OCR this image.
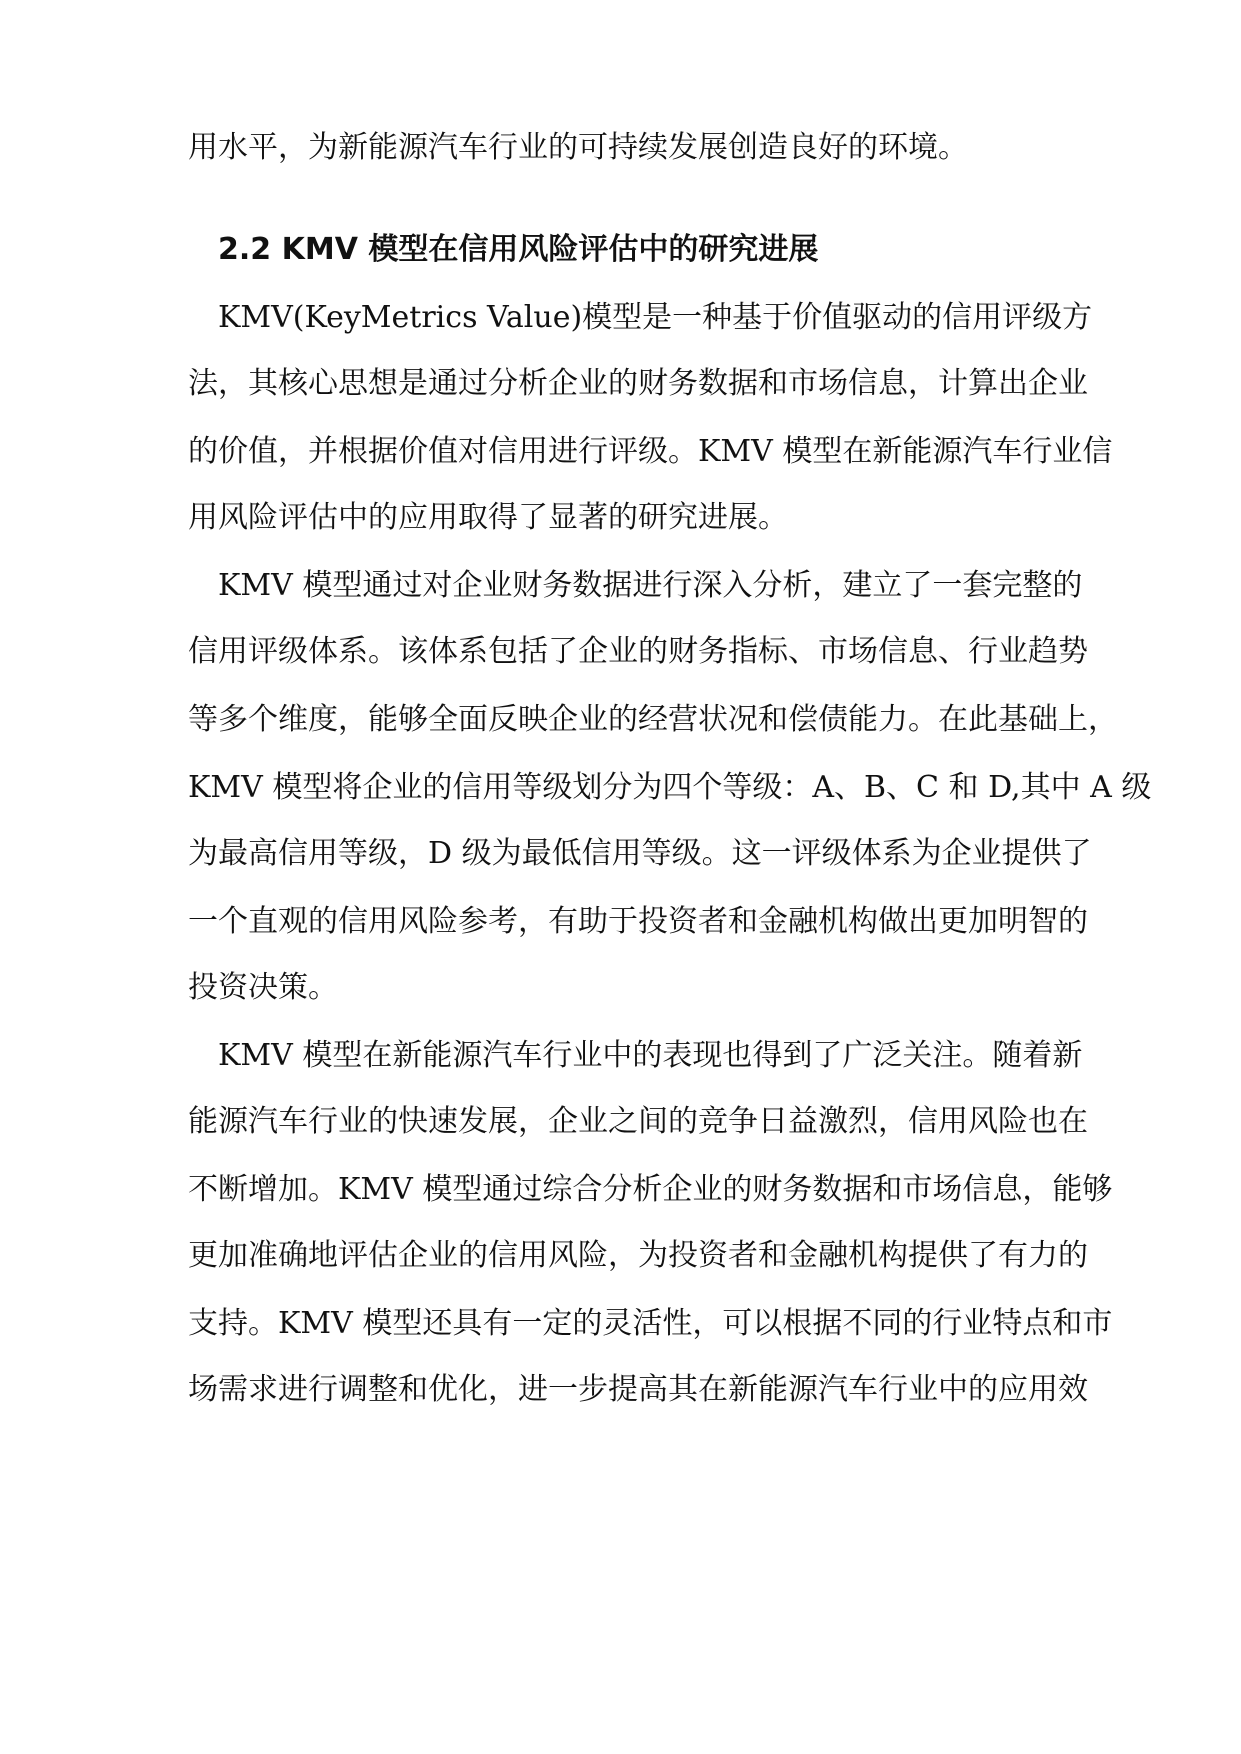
用水平，为新能源汽车行业的可持续发展创造良好的环境。
2.2 KMV 模型在信用风险评估中的研究进展
KMV(KeyMetrics Value)模型是一种基于价值驱动的信用评级方
法，其核心思想是通过分析企业的财务数据和市场信息，计算出企业
的价值，并根据价值对信用进行评级。KMV 模型在新能源汽车行业信
用风险评估中的应用取得了显著的研究进展。
KMV 模型通过对企业财务数据进行深入分析，建立了一套完整的
信用评级体系。该体系包括了企业的财务指标、市场信息、行业趋势
等多个维度，能够全面反映企业的经营状况和偿债能力。在此基础上，
KMV 模型将企业的信用等级划分为四个等级：A、B、C 和 D,其中 A 级
为最高信用等级，D 级为最低信用等级。这一评级体系为企业提供了
一个直观的信用风险参考，有助于投资者和金融机构做出更加明智的
投资决策。
KMV 模型在新能源汽车行业中的表现也得到了广泛关注。随着新
能源汽车行业的快速发展，企业之间的竞争日益激烈，信用风险也在
不断增加。KMV 模型通过综合分析企业的财务数据和市场信息，能够
更加准确地评估企业的信用风险，为投资者和金融机构提供了有力的
支持。KMV 模型还具有一定的灵活性，可以根据不同的行业特点和市
场需求进行调整和优化，进一步提高其在新能源汽车行业中的应用效
